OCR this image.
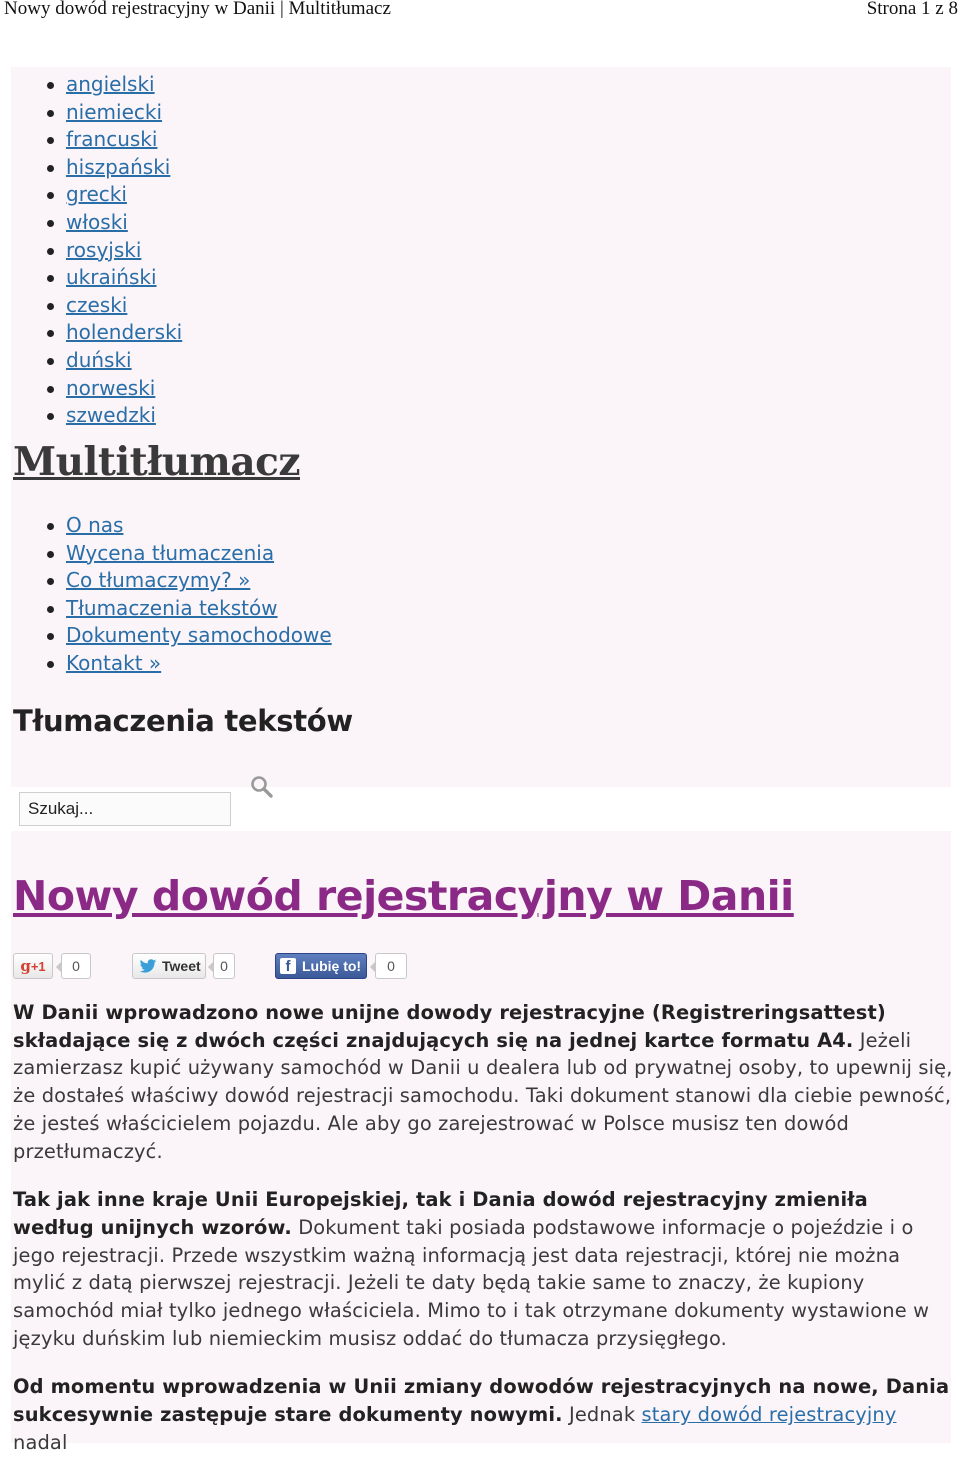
Nowy dowód rejestracyjny w Danii | Multitłumacz	Strona 1 z 8
angielski
niemiecki
francuski
hiszpański
grecki
włoski
rosyjski
ukraiński
czeski
holenderski
duński
norweski
szwedzki
Multitłumacz
O nas
Wycena tłumaczenia
Co tłumaczymy? »
Tłumaczenia tekstów
Dokumenty samochodowe
Kontakt »
Tłumaczenia tekstów
Szukaj...
Nowy dowód rejestracyjny w Danii
g +1	0	Tweet	0	f Lubię to!	0

W Danii wprowadzono nowe unijne dowody rejestracyjne (Registreringsattest) składające się z dwóch części znajdujących się na jednej kartce formatu A4. Jeżeli zamierzasz kupić używany samochód w Danii u dealera lub od prywatnej osoby, to upewnij się, że dostałeś właściwy dowód rejestracji samochodu. Taki dokument stanowi dla ciebie pewność, że jesteś właścicielem pojazdu. Ale aby go zarejestrować w Polsce musisz ten dowód przetłumaczyć.

Tak jak inne kraje Unii Europejskiej, tak i Dania dowód rejestracyjny zmieniła według unijnych wzorów. Dokument taki posiada podstawowe informacje o pojeździe i o jego rejestracji. Przede wszystkim ważną informacją jest data rejestracji, której nie można mylić z datą pierwszej rejestracji. Jeżeli te daty będą takie same to znaczy, że kupiony samochód miał tylko jednego właściciela. Mimo to i tak otrzymane dokumenty wystawione w języku duńskim lub niemieckim musisz oddać do tłumacza przysięgłego.

Od momentu wprowadzenia w Unii zmiany dowodów rejestracyjnych na nowe, Dania sukcesywnie zastępuje stare dokumenty nowymi. Jednak stary dowód rejestracyjny nadal
